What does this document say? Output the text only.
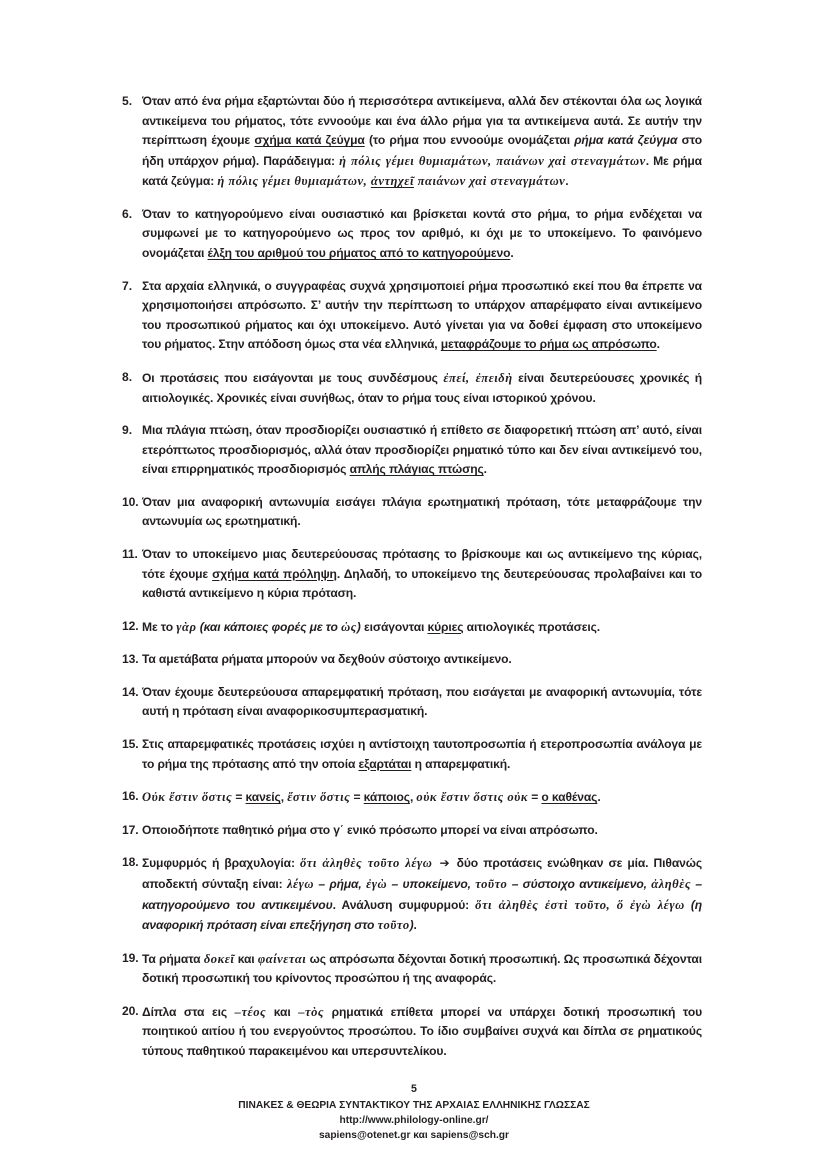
5. Όταν από ένα ρήμα εξαρτώνται δύο ή περισσότερα αντικείμενα, αλλά δεν στέκονται όλα ως λογικά αντικείμενα του ρήματος, τότε εννοούμε και ένα άλλο ρήμα για τα αντικείμενα αυτά. Σε αυτήν την περίπτωση έχουμε σχήμα κατά ζεύγμα (το ρήμα που εννοούμε ονομάζεται ρήμα κατά ζεύγμα στο ήδη υπάρχον ρήμα). Παράδειγμα: ἡ πόλις γέμει θυμιαμάτων, παιάνων χαὶ στεναγμάτων. Με ρήμα κατά ζεύγμα: ἡ πόλις γέμει θυμιαμάτων, ἀντηχεῖ παιάνων χαὶ στεναγμάτων.
6. Όταν το κατηγορούμενο είναι ουσιαστικό και βρίσκεται κοντά στο ρήμα, το ρήμα ενδέχεται να συμφωνεί με το κατηγορούμενο ως προς τον αριθμό, κι όχι με το υποκείμενο. Το φαινόμενο ονομάζεται έλξη του αριθμού του ρήματος από το κατηγορούμενο.
7. Στα αρχαία ελληνικά, ο συγγραφέας συχνά χρησιμοποιεί ρήμα προσωπικό εκεί που θα έπρεπε να χρησιμοποιήσει απρόσωπο. Σ’ αυτήν την περίπτωση το υπάρχον απαρέμφατο είναι αντικείμενο του προσωπικού ρήματος και όχι υποκείμενο. Αυτό γίνεται για να δοθεί έμφαση στο υποκείμενο του ρήματος. Στην απόδοση όμως στα νέα ελληνικά, μεταφράζουμε το ρήμα ως απρόσωπο.
8. Οι προτάσεις που εισάγονται με τους συνδέσμους ἐπεί, ἐπειδὴ είναι δευτερεύουσες χρονικές ή αιτιολογικές. Χρονικές είναι συνήθως, όταν το ρήμα τους είναι ιστορικού χρόνου.
9. Μια πλάγια πτώση, όταν προσδιορίζει ουσιαστικό ή επίθετο σε διαφορετική πτώση απ’ αυτό, είναι ετερόπτωτος προσδιορισμός, αλλά όταν προσδιορίζει ρηματικό τύπο και δεν είναι αντικείμενό του, είναι επιρρηματικός προσδιορισμός απλής πλάγιας πτώσης.
10. Όταν μια αναφορική αντωνυμία εισάγει πλάγια ερωτηματική πρόταση, τότε μεταφράζουμε την αντωνυμία ως ερωτηματική.
11. Όταν το υποκείμενο μιας δευτερεύουσας πρότασης το βρίσκουμε και ως αντικείμενο της κύριας, τότε έχουμε σχήμα κατά πρόληψη. Δηλαδή, το υποκείμενο της δευτερεύουσας προλαβαίνει και το καθιστά αντικείμενο η κύρια πρόταση.
12. Με το γὰρ (και κάποιες φορές με το ὡς) εισάγονται κύριες αιτιολογικές προτάσεις.
13. Τα αμετάβατα ρήματα μπορούν να δεχθούν σύστοιχο αντικείμενο.
14. Όταν έχουμε δευτερεύουσα απαρεμφατική πρόταση, που εισάγεται με αναφορική αντωνυμία, τότε αυτή η πρόταση είναι αναφορικοσυμπερασματική.
15. Στις απαρεμφατικές προτάσεις ισχύει η αντίστοιχη ταυτοπροσωπία ή ετεροπροσωπία ανάλογα με το ρήμα της πρότασης από την οποία εξαρτάται η απαρεμφατική.
16. Οὐκ ἔστιν ὅστις = κανείς, ἔστιν ὅστις = κάποιος, οὐκ ἔστιν ὅστις οὐκ = ο καθένας.
17. Οποιοδήποτε παθητικό ρήμα στο γ΄ ενικό πρόσωπο μπορεί να είναι απρόσωπο.
18. Συμφυρμός ή βραχυλογία: ὅτι ἀληθὲς τοῦτο λέγω ➔ δύο προτάσεις ενώθηκαν σε μία. Πιθανώς αποδεκτή σύνταξη είναι: λέγω – ρήμα, ἐγὼ – υποκείμενο, τοῦτο – σύστοιχο αντικείμενο, ἀληθὲς – κατηγορούμενο του αντικειμένου. Ανάλυση συμφυρμού: ὅτι ἀληθὲς ἐστὶ τοῦτο, ὅ ἐγὼ λέγω (η αναφορική πρόταση είναι επεξήγηση στο τοῦτο).
19. Τα ρήματα δοκεῖ και φαίνεται ως απρόσωπα δέχονται δοτική προσωπική. Ως προσωπικά δέχονται δοτική προσωπική του κρίνοντος προσώπου ή της αναφοράς.
20. Δίπλα στα εις –τέος και –τὸς ρηματικά επίθετα μπορεί να υπάρχει δοτική προσωπική του ποιητικού αιτίου ή του ενεργούντος προσώπου. Το ίδιο συμβαίνει συχνά και δίπλα σε ρηματικούς τύπους παθητικού παρακειμένου και υπερσυντελίκου.
5
ΠΙΝΑΚΕΣ & ΘΕΩΡΙΑ ΣΥΝΤΑΚΤΙΚΟΥ ΤΗΣ ΑΡΧΑΙΑΣ ΕΛΛΗΝΙΚΗΣ ΓΛΩΣΣΑΣ
http://www.philology-online.gr/
sapiens@otenet.gr και sapiens@sch.gr
